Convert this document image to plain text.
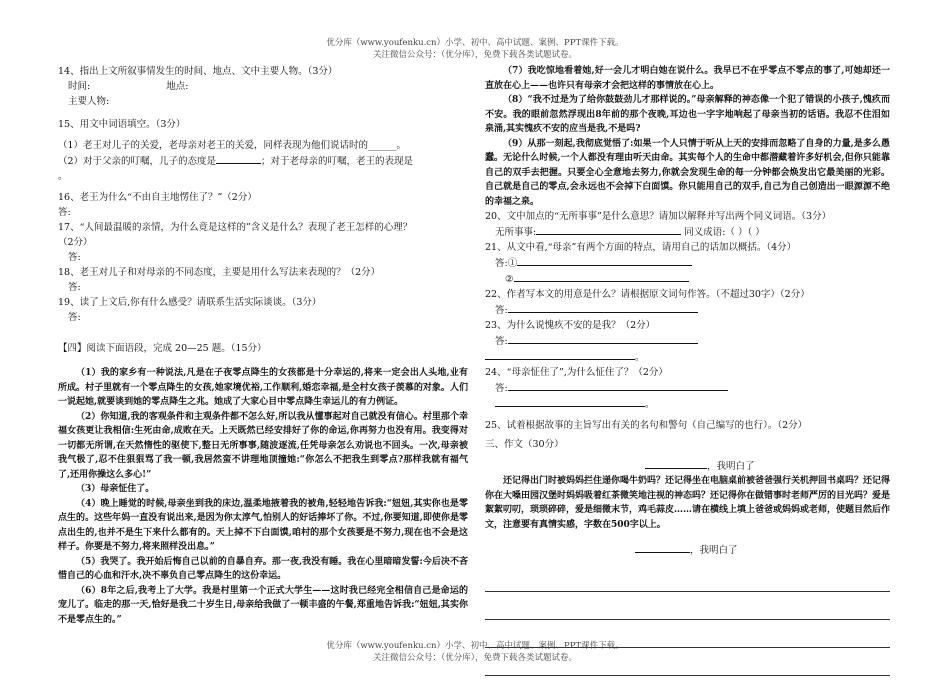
优分库（www.youfenku.cn）小学、初中、高中试题、案例、PPT课件下载。
关注微信公众号：（优分库），免费下载各类试题试卷。

14、指出上文所叙事情发生的时间、地点、文中主要人物。（3分）

时间:	地点:

主要人物:

15、用文中词语填空。（3分）

（1）老王对儿子的关爱，老母亲对老王的关爱，同样表现为他们说话时的______。

（2）对于父亲的叮嘱，儿子的态度是	；对于老母亲的叮嘱，老王的表现是

。

16、老王为什么“不由自主地愣住了？”（2分）

答:

17、“人间最温暖的亲情，为什么竟是这样的”含义是什么？表现了老王怎样的心理？

（2分）

答:

18、老王对儿子和对母亲的不同态度，主要是用什么写法来表现的？（2分）

答:

19、读了上文后,你有什么感受？请联系生活实际谈谈。（3分）

答:

【四】阅读下面语段，完成 20—25 题。（15分）

（1）我的家乡有一种说法,凡是在子夜零点降生的女孩都是十分幸运的,将来一定会出人头地,业有所成。村子里就有一个零点降生的女孩,她家境优裕,工作顺利,婚恋幸福,是全村女孩子羡慕的对象。人们一说起她,就要谈到她的零点降生之兆。她成了大家心目中零点降生幸运儿的有力例证。

（2）你知道,我的客观条件和主观条件都不怎么好,所以我从懂事起对自己就没有信心。村里那个幸福女孩更让我相信:生死由命,成败在天。上天既然已经安排好了你的命运,你再努力也没有用。我变得对一切都无所谓,在天然惰性的驱使下,整日无所事事,随波逐流,任凭母亲怎么劝说也不回头。一次,母亲被我气极了,忍不住狠狠骂了我一顿,我居然蛮不讲理地顶撞她:“你怎么不把我生到零点?那样我就有福气了,还用你操这么多心!”

（3）母亲怔住了。

（4）晚上睡觉的时候,母亲坐到我的床边,温柔地掖着我的被角,轻轻地告诉我:“妞妞,其实你也是零点生的。这些年妈一直没有说出来,是因为你太淳气,怕别人的好话捧坏了你。不过,你要知道,即使你是零点出生的,也并不是生下来什么都有的。天上掉不下白面馍,咱村的那个女孩要是不努力,现在也不会是这样子。你要是不努力,将来照样没出息。”

（5）我哭了。我开始后悔自己以前的自暴自弃。那一夜,我没有睡。我在心里暗暗发誓:今后决不吝惜自己的心血和汗水,决不辜负自己零点降生的这份幸运。

（6）8年之后,我考上了大学。我是村里第一个正式大学生——这时我已经完全相信自己是命运的宠儿了。临走的那一天,恰好是我二十岁生日,母亲给我做了一顿丰盛的午餐,郑重地告诉我:“妞妞,其实你不是零点生的。”

（7）我吃惊地看着她,好一会儿才明白她在说什么。我早已不在乎零点不零点的事了,可她却还一直放在心上——也许只有母亲才会把这样的事情放在心上。

（8）“我不过是为了给你鼓鼓劲儿才那样说的。”母亲解释的神态像一个犯了错误的小孩子,愧疚而不安。我的眼前忽然浮现出8年前的那个夜晚,耳边也一字字地响起了母亲当初的话语。我忍不住泪如泉涌,其实愧疚不安的应当是我,不是吗?

（9）从那一刻起,我彻底觉悟了:如果一个人只情于听从上天的安排而忽略了自身的力量,是多么愚蠢。无论什么时候,一个人都没有理由听天由命。其实每个人的生命中都潜藏着许多好机会,但你只能靠自己的双手去把握。只要全心全意地去努力,你就会发现生命的每一分钟都会焕发出它最美丽的光彩。自己就是自己的零点,会永远也不会掉下白面馍。你只能用自己的双手,自己为自己创造出一眼源源不绝的幸福之泉。

20、文中加点的“无所事事”是什么意思？请加以解释并写出两个同义词语。（3分）

无所事事:	同义成语:（ ）（ ）

21、从文中看,“母亲”有两个方面的特点，请用自己的话加以概括。（4分）

答:①

②

22、作者写本文的用意是什么？请根据原文词句作答。（不超过30字）（2分）

答:

23、为什么说愧疚不安的是我？（2分）

答:

。

24、“母亲怔住了”,为什么怔住了？（2分）

答:

。

25、试着根据故事的主旨写出有关的名句和警句（自己编写的也行）。（2分）

三、作文（30分）

，我明白了

还记得出门时被妈妈拦住递你喝牛奶吗？还记得坐在电脑桌前被爸爸强行关机押回书桌吗？还记得你在大嗓田园汉堡时妈妈吸着红茶微笑地注视的神态吗？还记得你在做错事时老师严厉的目光吗？爱是絮絮叨叨，琐琐碎碎，爱是细微末节，鸡毛蒜皮……请在横线上填上爸爸或妈妈或老师，使题目然后作文，注意要有真情实感，字数在500字以上。

，我明白了

优分库（www.youfenku.cn）小学、初中、高中试题、案例、PPT课件下载。
关注微信公众号：（优分库），免费下载各类试题试卷。
